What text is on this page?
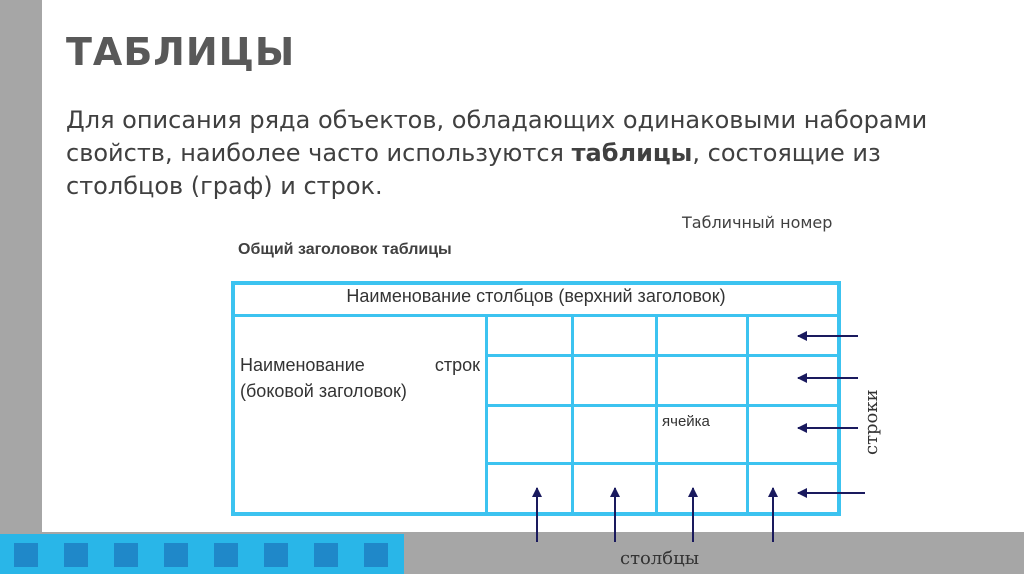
ТАБЛИЦЫ
Для описания ряда объектов, обладающих одинаковыми наборами свойств, наиболее часто используются таблицы, состоящие из столбцов (граф) и строк.
Табличный номер
Общий заголовок таблицы
Наименование столбцов (верхний заголовок)
Наименование	строк
(боковой заголовок)
ячейка	строки
столбцы
